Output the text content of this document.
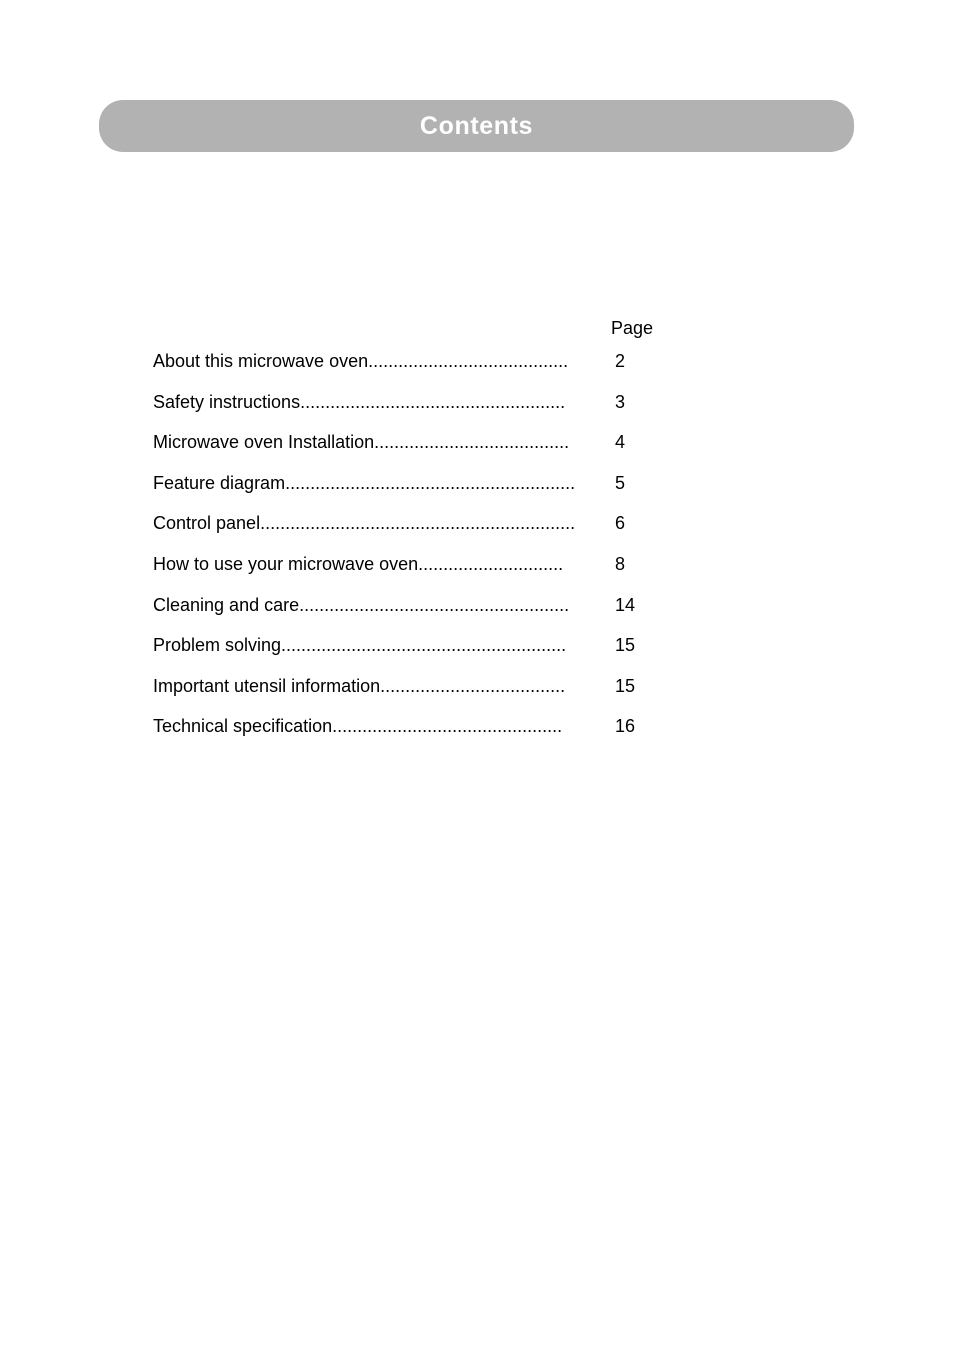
Contents
Page
About this microwave oven........................................	2
Safety instructions.....................................................	3
Microwave oven Installation.......................................	4
Feature diagram.......................................................... 5
Control panel............................................................... 6
How to use your microwave oven.............................	8
Cleaning and care......................................................	14
Problem solving.........................................................	15
Important utensil information.....................................	15
Technical specification..............................................	16
